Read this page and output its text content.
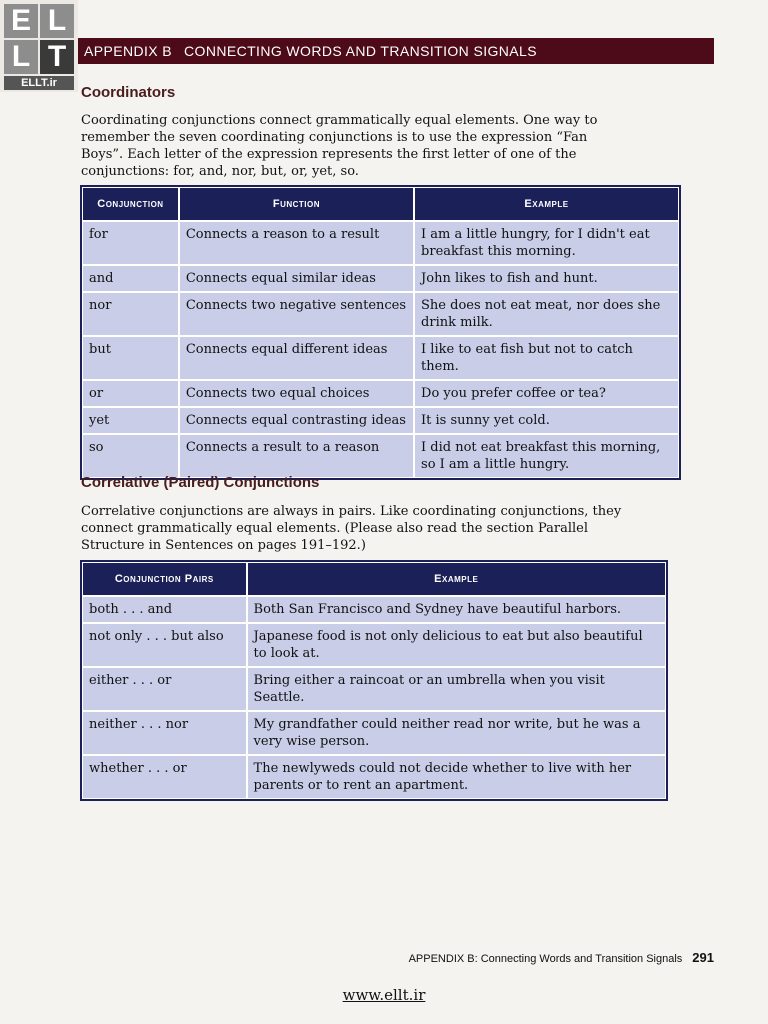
E L
L T
ELLT.ir
APPENDIX B CONNECTING WORDS AND TRANSITION SIGNALS
Coordinators

Coordinating conjunctions connect grammatically equal elements. One way to remember the seven coordinating conjunctions is to use the expression “Fan Boys”. Each letter of the expression represents the first letter of one of the conjunctions: for, and, nor, but, or, yet, so.

Conjunction	Function	Example
for	Connects a reason to a result	I am a little hungry, for I didn't eat breakfast this morning.
and	Connects equal similar ideas	John likes to fish and hunt.
nor	Connects two negative sentences	She does not eat meat, nor does she drink milk.
but	Connects equal different ideas	I like to eat fish but not to catch them.
or	Connects two equal choices	Do you prefer coffee or tea?
yet	Connects equal contrasting ideas	It is sunny yet cold.
so	Connects a result to a reason	I did not eat breakfast this morning, so I am a little hungry.
Correlative (Paired) Conjunctions

Correlative conjunctions are always in pairs. Like coordinating conjunctions, they connect grammatically equal elements. (Please also read the section Parallel Structure in Sentences on pages 191–192.)

Conjunction Pairs	Example
both . . . and	Both San Francisco and Sydney have beautiful harbors.
not only . . . but also	Japanese food is not only delicious to eat but also beautiful to look at.
either . . . or	Bring either a raincoat or an umbrella when you visit Seattle.
neither . . . nor	My grandfather could neither read nor write, but he was a very wise person.
whether . . . or	The newlyweds could not decide whether to live with her parents or to rent an apartment.
APPENDIX B: Connecting Words and Transition Signals 291
www.ellt.ir
